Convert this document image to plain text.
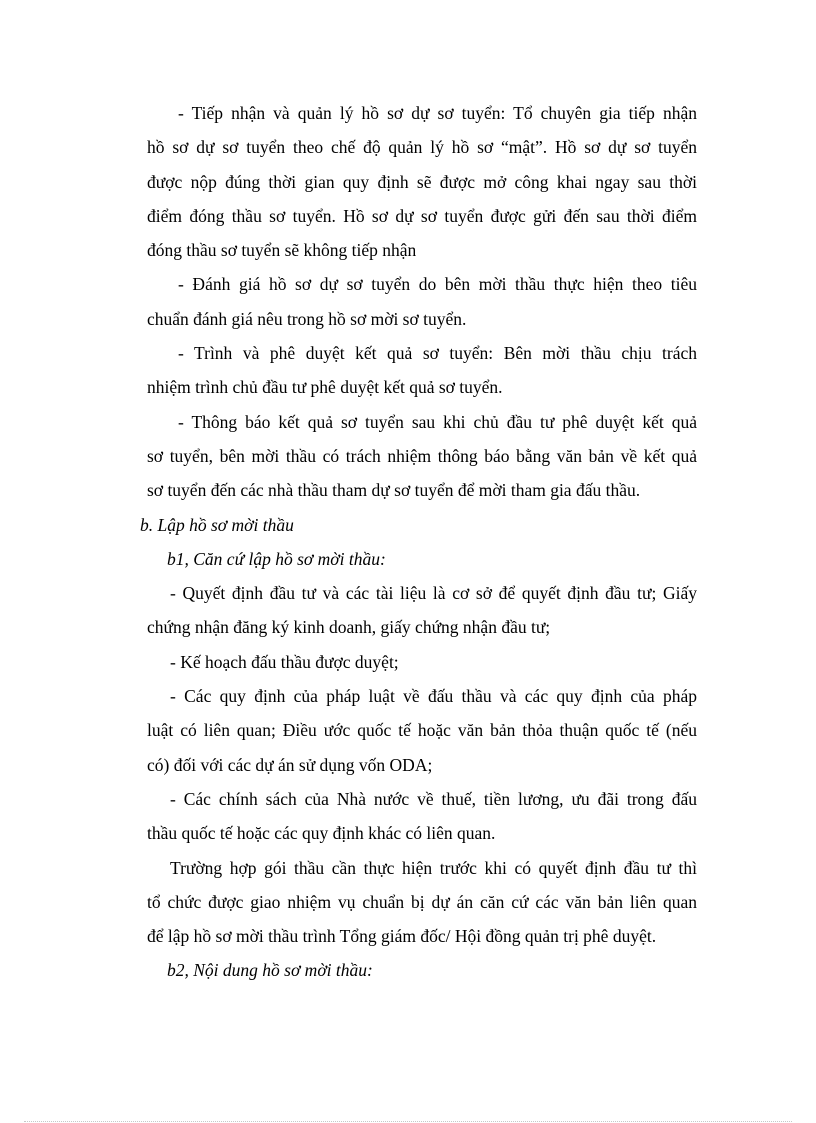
- Tiếp nhận và quản lý hồ sơ dự sơ tuyển: Tổ chuyên gia tiếp nhận
hồ sơ dự sơ tuyển theo chế độ quản lý hồ sơ “mật”. Hồ sơ dự sơ tuyển
được nộp đúng thời gian quy định sẽ được mở công khai ngay sau thời
điểm đóng thầu sơ tuyển. Hồ sơ dự sơ tuyển được gửi đến sau thời điểm
đóng thầu sơ tuyển sẽ không tiếp nhận
- Đánh giá hồ sơ dự sơ tuyển do bên mời thầu thực hiện theo tiêu
chuẩn đánh giá nêu trong hồ sơ mời sơ tuyển.
- Trình và phê duyệt kết quả sơ tuyển: Bên mời thầu chịu trách
nhiệm trình chủ đầu tư phê duyệt kết quả sơ tuyển.
- Thông báo kết quả sơ tuyển sau khi chủ đầu tư phê duyệt kết quả
sơ tuyển, bên mời thầu có trách nhiệm thông báo bằng văn bản về kết quả
sơ tuyển đến các nhà thầu tham dự sơ tuyển để mời tham gia đấu thầu.
b. Lập hồ sơ mời thầu
b1, Căn cứ lập hồ sơ mời thầu:
- Quyết định đầu tư và các tài liệu là cơ sở để quyết định đầu tư; Giấy
chứng nhận đăng ký kinh doanh, giấy chứng nhận đầu tư;
- Kế hoạch đấu thầu được duyệt;
- Các quy định của pháp luật về đấu thầu và các quy định của pháp
luật có liên quan; Điều ước quốc tế hoặc văn bản thỏa thuận quốc tế (nếu
có) đối với các dự án sử dụng vốn ODA;
- Các chính sách của Nhà nước về thuế, tiền lương, ưu đãi trong đấu
thầu quốc tế hoặc các quy định khác có liên quan.
Trường hợp gói thầu cần thực hiện trước khi có quyết định đầu tư thì
tổ chức được giao nhiệm vụ chuẩn bị dự án căn cứ các văn bản liên quan
để lập hồ sơ mời thầu trình Tổng giám đốc/ Hội đồng quản trị phê duyệt.
b2, Nội dung hồ sơ mời thầu:
